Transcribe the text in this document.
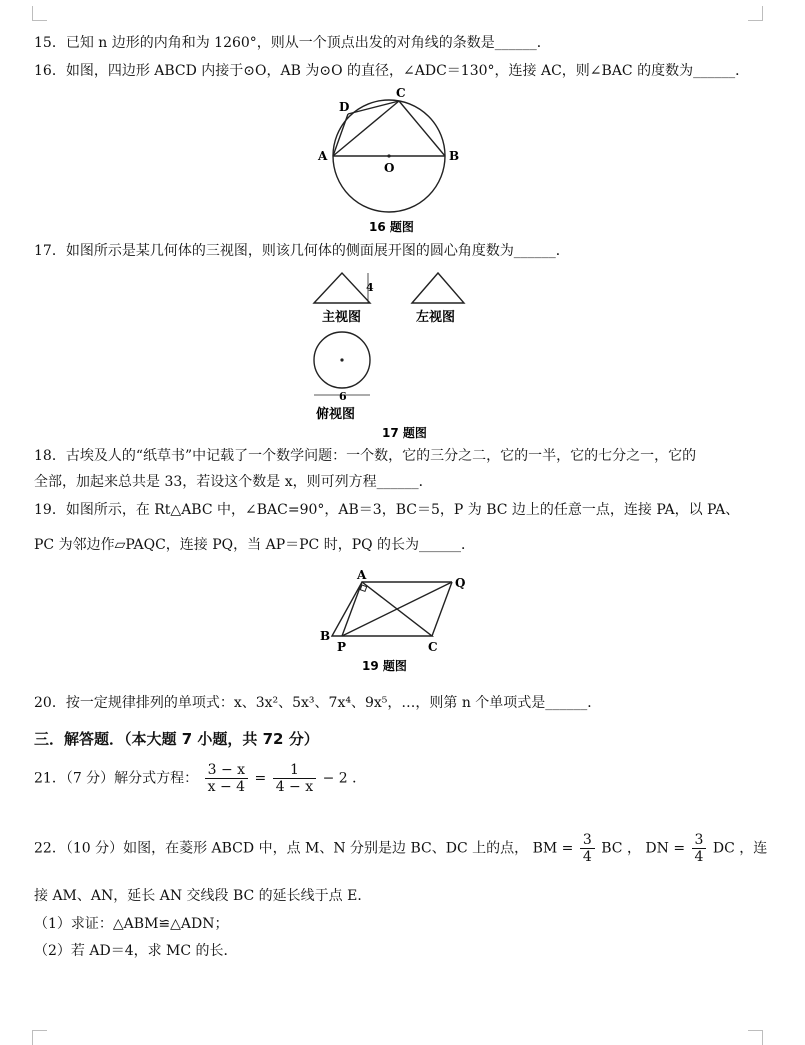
15．已知 n 边形的内角和为 1260°，则从一个顶点出发的对角线的条数是______．
16．如图，四边形 ABCD 内接于⊙O，AB 为⊙O 的直径，∠ADC＝130°，连接 AC，则∠BAC 的度数为______．
A	B
C
D
O
16 题图
17．如图所示是某几何体的三视图，则该几何体的侧面展开图的圆心角度数为______．
4
主视图	左视图
6
俯视图
17 题图
18．古埃及人的“纸草书”中记载了一个数学问题：一个数，它的三分之二，它的一半，它的七分之一，它的
全部，加起来总共是 33，若设这个数是 x，则可列方程______．
19．如图所示，在 Rt△ABC 中，∠BAC=90°，AB＝3，BC＝5，P 为 BC 边上的任意一点，连接 PA，以 PA、
PC 为邻边作▱PAQC，连接 PQ，当 AP＝PC 时，PQ 的长为______．
A
Q
B
P	C
19 题图
20．按一定规律排列的单项式：x、3x²、5x³、7x⁴、9x⁵，…，则第 n 个单项式是______．
三．解答题．（本大题 7 小题，共 72 分）
21．（7 分）解分式方程： $\frac{3 - x}{x - 4} = \frac{1}{4 - x} - 2$ ．
22．（10 分）如图，在菱形 ABCD 中，点 M、N 分别是边 BC、DC 上的点， BM = $\frac{3}{4}$ BC ， DN = $\frac{3}{4}$ DC ，连
接 AM、AN，延长 AN 交线段 BC 的延长线于点 E．
（1）求证：△ABM≌△ADN；
（2）若 AD＝4，求 MC 的长．
